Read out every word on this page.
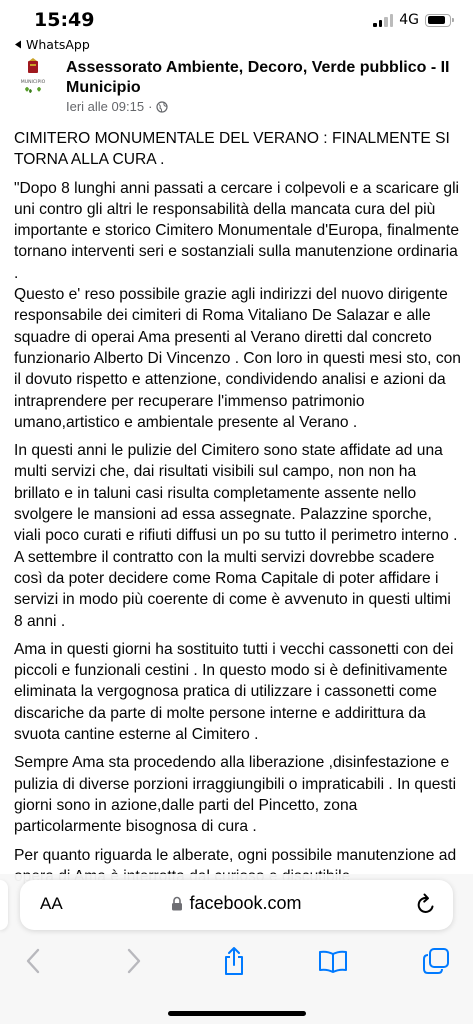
15:49	4G
WhatsApp
MUNICIPIO
Assessorato Ambiente, Decoro, Verde pubblico - II Municipio
Ieri alle 09:15 ·

CIMITERO MONUMENTALE DEL VERANO : FINALMENTE SI TORNA ALLA CURA .

"Dopo 8 lunghi anni passati a cercare i colpevoli e a scaricare gli uni contro gli altri le responsabilità della mancata cura del più importante e storico Cimitero Monumentale d'Europa, finalmente tornano interventi seri e sostanziali sulla manutenzione ordinaria .
Questo e' reso possibile grazie agli indirizzi del nuovo dirigente responsabile dei cimiteri di Roma Vitaliano De Salazar e alle squadre di operai Ama presenti al Verano diretti dal concreto funzionario Alberto Di Vincenzo . Con loro in questi mesi sto, con il dovuto rispetto e attenzione, condividendo analisi e azioni da intraprendere per recuperare l'immenso patrimonio umano,artistico e ambientale presente al Verano .

In questi anni le pulizie del Cimitero sono state affidate ad una multi servizi che, dai risultati visibili sul campo, non non ha brillato e in taluni casi risulta completamente assente nello svolgere le mansioni ad essa assegnate. Palazzine sporche, viali poco curati e rifiuti diffusi un po su tutto il perimetro interno . A settembre il contratto con la multi servizi dovrebbe scadere così da poter decidere come Roma Capitale di poter affidare i servizi in modo più coerente di come è avvenuto in questi ultimi 8 anni .

Ama in questi giorni ha sostituito tutti i vecchi cassonetti con dei piccoli e funzionali cestini . In questo modo si è definitivamente eliminata la vergognosa pratica di utilizzare i cassonetti come discariche da parte di molte persone interne e addirittura da svuota cantine esterne al Cimitero .

Sempre Ama sta procedendo alla liberazione ,disinfestazione e pulizia di diverse porzioni irraggiungibili o impraticabili . In questi giorni sono in azione,dalle parti del Pincetto, zona particolarmente bisognosa di cura .

Per quanto riguarda le alberate, ogni possibile manutenzione ad

AA	facebook.com
